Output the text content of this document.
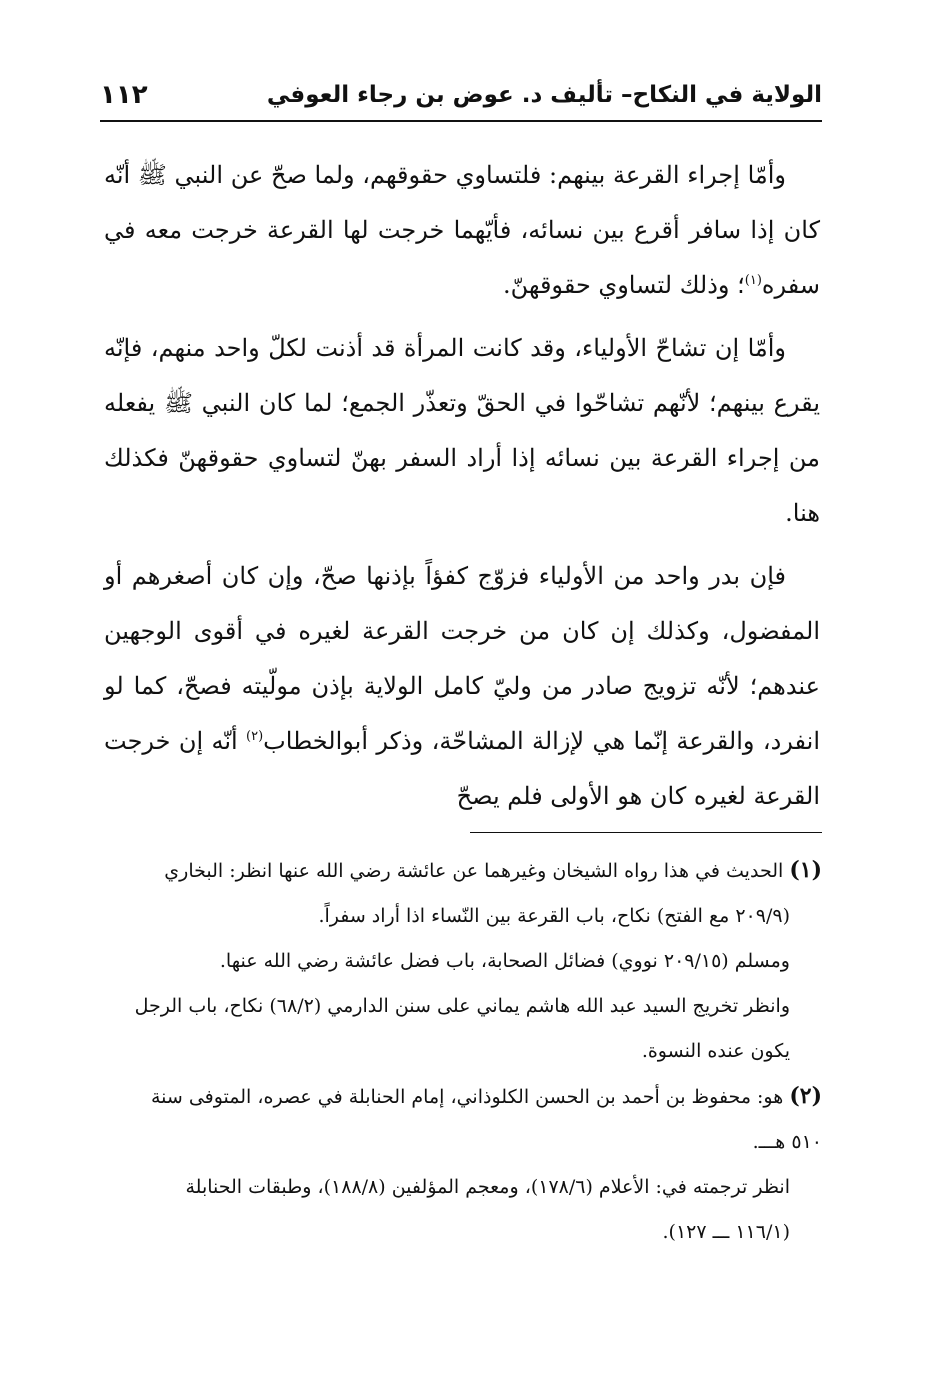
الولاية في النكاح– تأليف د. عوض بن رجاء العوفي
١١٢

وأمّا إجراء القرعة بينهم: فلتساوي حقوقهم، ولما صحّ عن النبي ﷺ أنّه كان إذا سافر أقرع بين نسائه، فأيّهما خرجت لها القرعة خرجت معه في سفره$^{(١)}$؛ وذلك لتساوي حقوقهنّ.

وأمّا إن تشاحّ الأولياء، وقد كانت المرأة قد أذنت لكلّ واحد منهم، فإنّه يقرع بينهم؛ لأنّهم تشاحّوا في الحقّ وتعذّر الجمع؛ لما كان النبي ﷺ يفعله من إجراء القرعة بين نسائه إذا أراد السفر بهنّ لتساوي حقوقهنّ فكذلك هنا.

فإن بدر واحد من الأولياء فزوّج كفؤاً بإذنها صحّ، وإن كان أصغرهم أو المفضول، وكذلك إن كان من خرجت القرعة لغيره في أقوى الوجهين عندهم؛ لأنّه تزويج صادر من وليّ كامل الولاية بإذن مولّيته فصحّ، كما لو انفرد، والقرعة إنّما هي لإزالة المشاحّة، وذكر أبوالخطاب$^{(٢)}$ أنّه إن خرجت القرعة لغيره كان هو الأولى فلم يصحّ

(١) الحديث في هذا رواه الشيخان وغيرهما عن عائشة رضي الله عنها انظر: البخاري

(٢٠٩/٩ مع الفتح) نكاح، باب القرعة بين النّساء اذا أراد سفراً.

ومسلم (٢٠٩/١٥ نووي) فضائل الصحابة، باب فضل عائشة رضي الله عنها.

وانظر تخريج السيد عبد الله هاشم يماني على سنن الدارمي (٦٨/٢) نكاح، باب الرجل يكون عنده النسوة.

(٢) هو: محفوظ بن أحمد بن الحسن الكلوذاني، إمام الحنابلة في عصره، المتوفى سنة ٥١٠ هـــ.

انظر ترجمته في: الأعلام (١٧٨/٦)، ومعجم المؤلفين (١٨٨/٨)، وطبقات الحنابلة (١١٦/١ ـــ ١٢٧).
